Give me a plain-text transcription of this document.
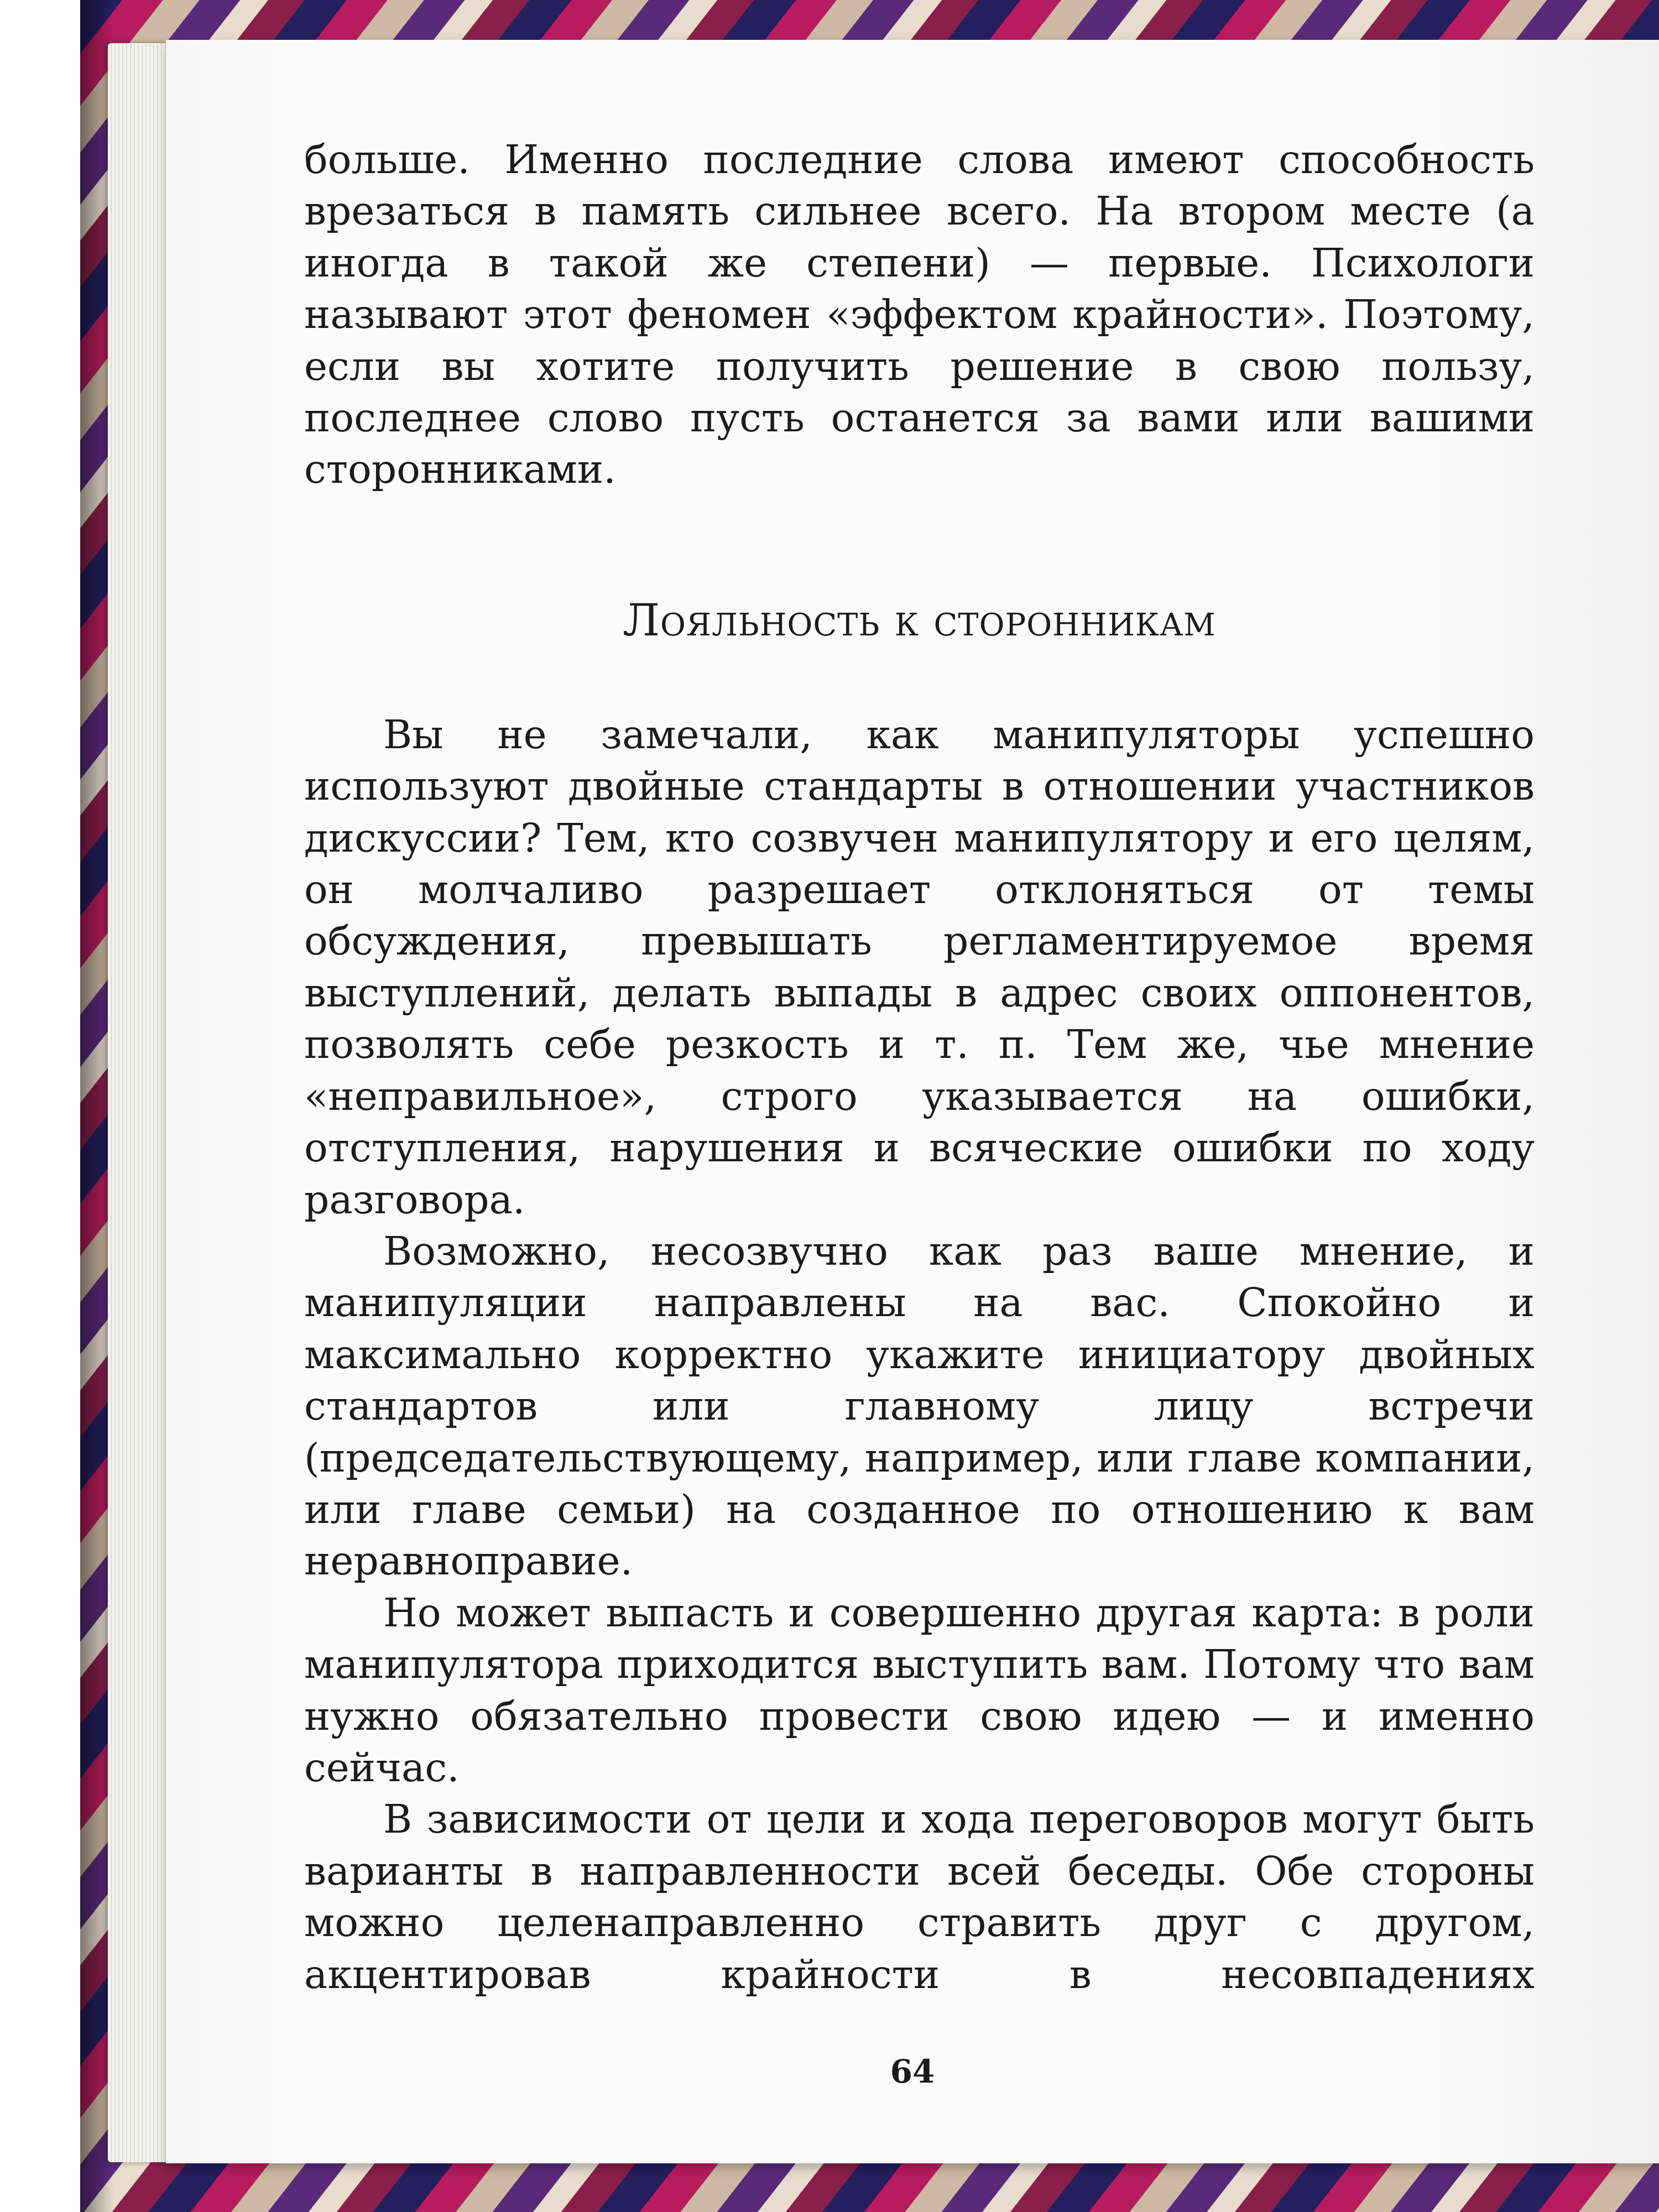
больше. Именно последние слова имеют способность врезаться в память сильнее всего. На втором месте (а иногда в такой же степени) — первые. Психологи называют этот феномен «эффектом крайности». Поэтому, если вы хотите получить решение в свою пользу, последнее слово пусть останется за вами или вашими сторонниками.

Лояльность к сторонникам

Вы не замечали, как манипуляторы успешно используют двойные стандарты в отношении участников дискуссии? Тем, кто созвучен манипулятору и его целям, он молчаливо разрешает отклоняться от темы обсуждения, превышать регламентируемое время выступлений, делать выпады в адрес своих оппонентов, позволять себе резкость и т. п. Тем же, чье мнение «неправильное», строго указывается на ошибки, отступления, нарушения и всяческие ошибки по ходу разговора.

Возможно, несозвучно как раз ваше мнение, и манипуляции направлены на вас. Спокойно и максимально корректно укажите инициатору двойных стандартов или главному лицу встречи (председательствующему, например, или главе компании, или главе семьи) на созданное по отношению к вам неравноправие.

Но может выпасть и совершенно другая карта: в роли манипулятора приходится выступить вам. Потому что вам нужно обязательно провести свою идею — и именно сейчас.

В зависимости от цели и хода переговоров могут быть варианты в направленности всей беседы. Обе стороны можно целенаправленно стравить друг с другом, акцентировав крайности в несовпадениях

64
